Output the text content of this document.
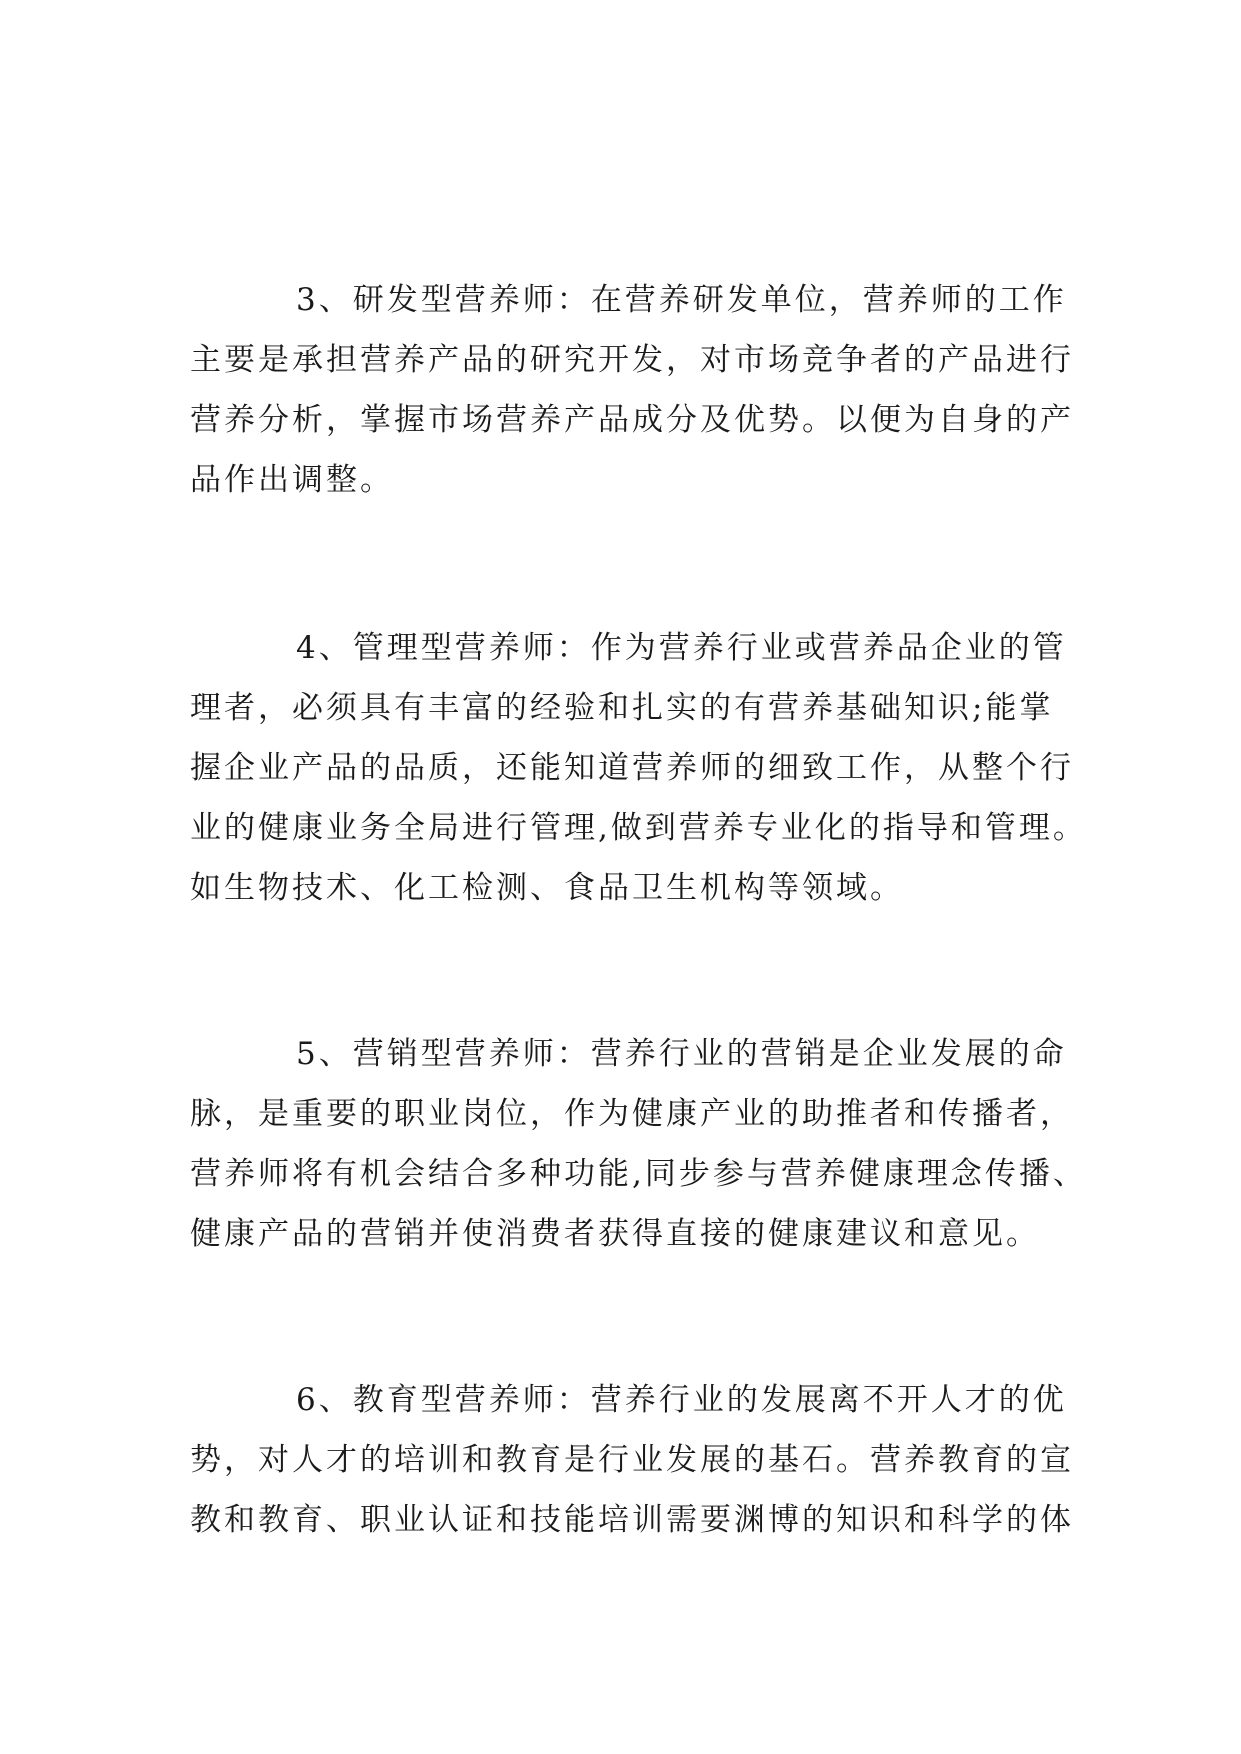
3、研发型营养师：在营养研发单位，营养师的工作
主要是承担营养产品的研究开发，对市场竞争者的产品进行
营养分析，掌握市场营养产品成分及优势。以便为自身的产
品作出调整。

4、管理型营养师：作为营养行业或营养品企业的管
理者，必须具有丰富的经验和扎实的有营养基础知识;能掌
握企业产品的品质，还能知道营养师的细致工作，从整个行
业的健康业务全局进行管理,做到营养专业化的指导和管理。
如生物技术、化工检测、食品卫生机构等领域。

5、营销型营养师：营养行业的营销是企业发展的命
脉，是重要的职业岗位，作为健康产业的助推者和传播者，
营养师将有机会结合多种功能,同步参与营养健康理念传播、
健康产品的营销并使消费者获得直接的健康建议和意见。

6、教育型营养师：营养行业的发展离不开人才的优
势，对人才的培训和教育是行业发展的基石。营养教育的宣
教和教育、职业认证和技能培训需要渊博的知识和科学的体
